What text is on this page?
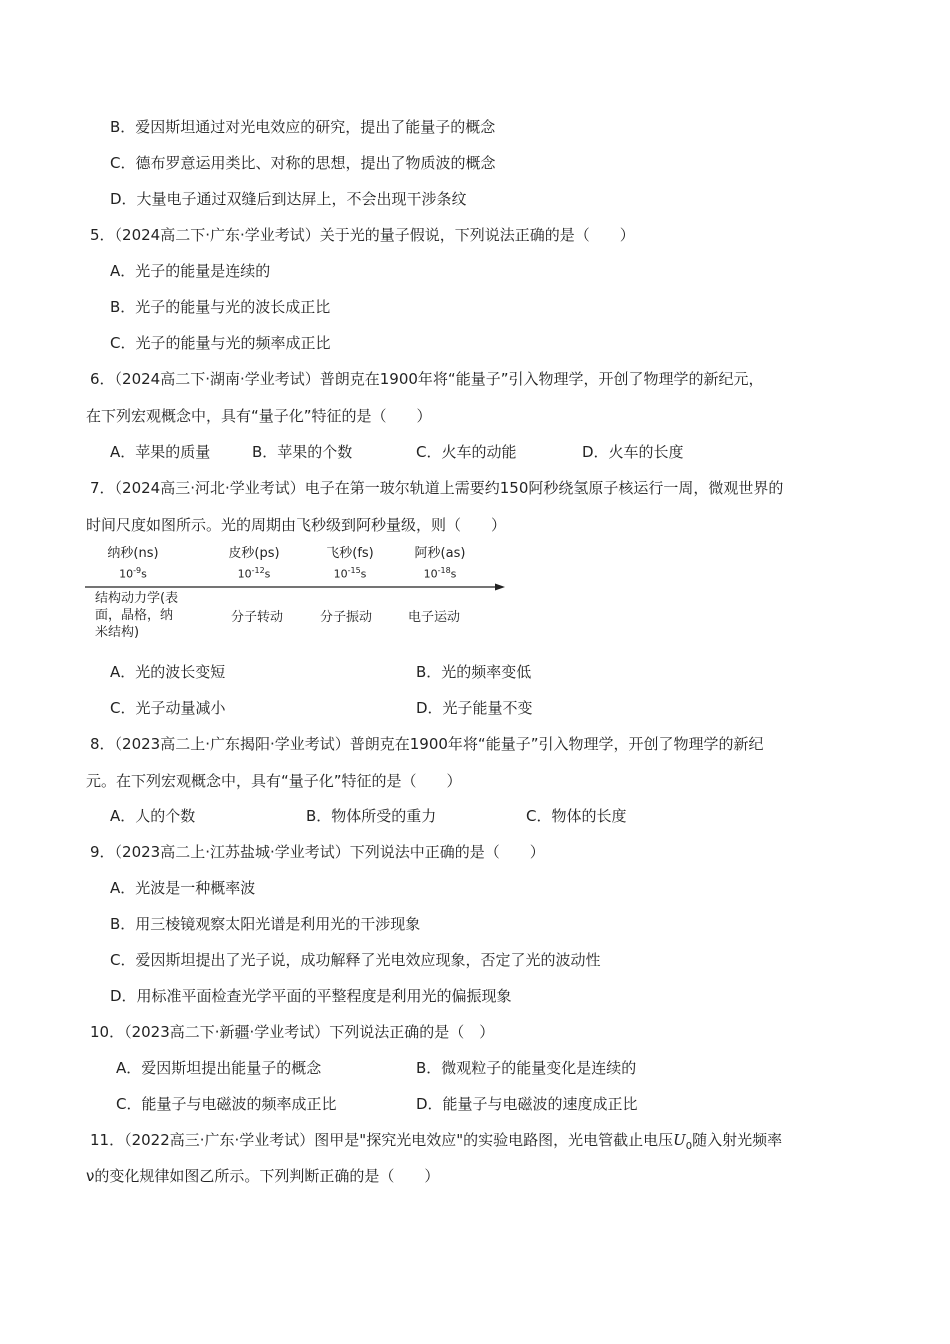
B．爱因斯坦通过对光电效应的研究，提出了能量子的概念
C．德布罗意运用类比、对称的思想，提出了物质波的概念
D．大量电子通过双缝后到达屏上，不会出现干涉条纹
5．（2024高二下·广东·学业考试）关于光的量子假说，下列说法正确的是（　　）
A．光子的能量是连续的
B．光子的能量与光的波长成正比
C．光子的能量与光的频率成正比
6．（2024高二下·湖南·学业考试）普朗克在1900年将“能量子”引入物理学，开创了物理学的新纪元，
在下列宏观概念中，具有“量子化”特征的是（　　）
A．苹果的质量	B．苹果的个数	C．火车的动能	D．火车的长度
7．（2024高三·河北·学业考试）电子在第一玻尔轨道上需要约150阿秒绕氢原子核运行一周，微观世界的
时间尺度如图所示。光的周期由飞秒级到阿秒量级，则（　　）
纳秒(ns)
$10^{-9}s$
皮秒(ps)
$10^{-12}s$
飞秒(fs)
$10^{-15}s$
阿秒(as)
$10^{-18}s$
结构动力学(表
面，晶格，纳
米结构)
分子转动	分子振动	电子运动
A．光的波长变短	B．光的频率变低
C．光子动量减小	D．光子能量不变
8．（2023高二上·广东揭阳·学业考试）普朗克在1900年将“能量子”引入物理学，开创了物理学的新纪
元。在下列宏观概念中，具有“量子化”特征的是（　　）
A．人的个数	B．物体所受的重力	C．物体的长度
9．（2023高二上·江苏盐城·学业考试）下列说法中正确的是（　　）
A．光波是一种概率波
B．用三棱镜观察太阳光谱是利用光的干涉现象
C．爱因斯坦提出了光子说，成功解释了光电效应现象，否定了光的波动性
D．用标准平面检查光学平面的平整程度是利用光的偏振现象
10．（2023高二下·新疆·学业考试）下列说法正确的是（　）
A．爱因斯坦提出能量子的概念	B．微观粒子的能量变化是连续的
C．能量子与电磁波的频率成正比	D．能量子与电磁波的速度成正比
11．（2022高三·广东·学业考试）图甲是"探究光电效应"的实验电路图，光电管截止电压$U_0$随入射光频率
ν的变化规律如图乙所示。下列判断正确的是（　　）
